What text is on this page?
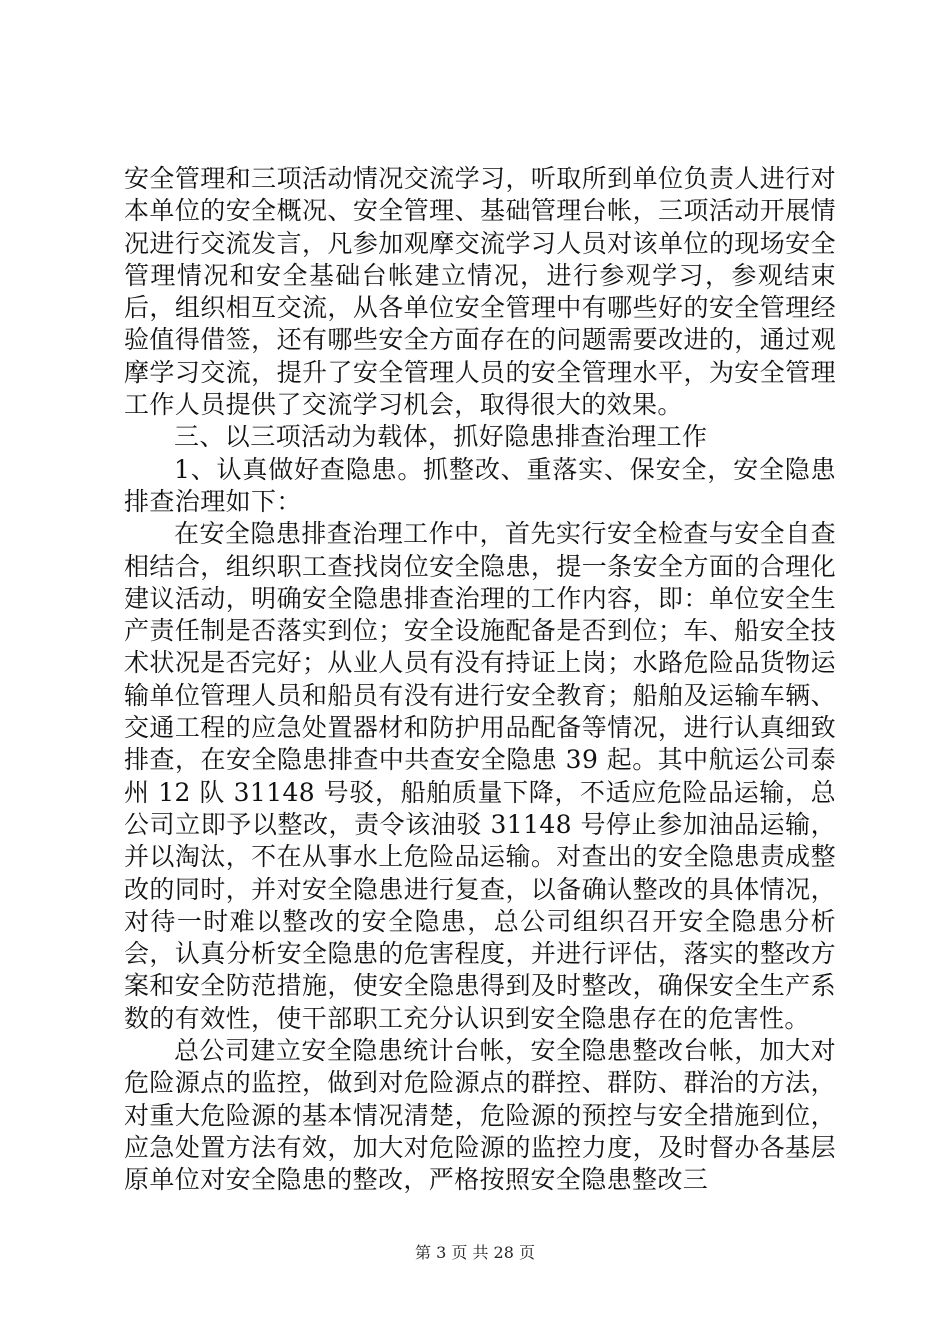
安全管理和三项活动情况交流学习，听取所到单位负责人进行对本单位的安全概况、安全管理、基础管理台帐，三项活动开展情况进行交流发言，凡参加观摩交流学习人员对该单位的现场安全管理情况和安全基础台帐建立情况，进行参观学习，参观结束后，组织相互交流，从各单位安全管理中有哪些好的安全管理经验值得借签，还有哪些安全方面存在的问题需要改进的，通过观摩学习交流，提升了安全管理人员的安全管理水平，为安全管理工作人员提供了交流学习机会，取得很大的效果。

三、以三项活动为载体，抓好隐患排查治理工作

1、认真做好查隐患。抓整改、重落实、保安全，安全隐患排查治理如下：

在安全隐患排查治理工作中，首先实行安全检查与安全自查相结合，组织职工查找岗位安全隐患，提一条安全方面的合理化建议活动，明确安全隐患排查治理的工作内容，即：单位安全生产责任制是否落实到位；安全设施配备是否到位；车、船安全技术状况是否完好；从业人员有没有持证上岗；水路危险品货物运输单位管理人员和船员有没有进行安全教育；船舶及运输车辆、交通工程的应急处置器材和防护用品配备等情况，进行认真细致排查，在安全隐患排查中共查安全隐患 39 起。其中航运公司泰州 12 队 31148 号驳，船舶质量下降，不适应危险品运输，总公司立即予以整改，责令该油驳 31148 号停止参加油品运输，并以淘汰，不在从事水上危险品运输。对查出的安全隐患责成整改的同时，并对安全隐患进行复查，以备确认整改的具体情况，对待一时难以整改的安全隐患，总公司组织召开安全隐患分析会，认真分析安全隐患的危害程度，并进行评估，落实的整改方案和安全防范措施，使安全隐患得到及时整改，确保安全生产系数的有效性，使干部职工充分认识到安全隐患存在的危害性。

总公司建立安全隐患统计台帐，安全隐患整改台帐，加大对危险源点的监控，做到对危险源点的群控、群防、群治的方法，对重大危险源的基本情况清楚，危险源的预控与安全措施到位，应急处置方法有效，加大对危险源的监控力度，及时督办各基层原单位对安全隐患的整改，严格按照安全隐患整改三

第 3 页 共 28 页
